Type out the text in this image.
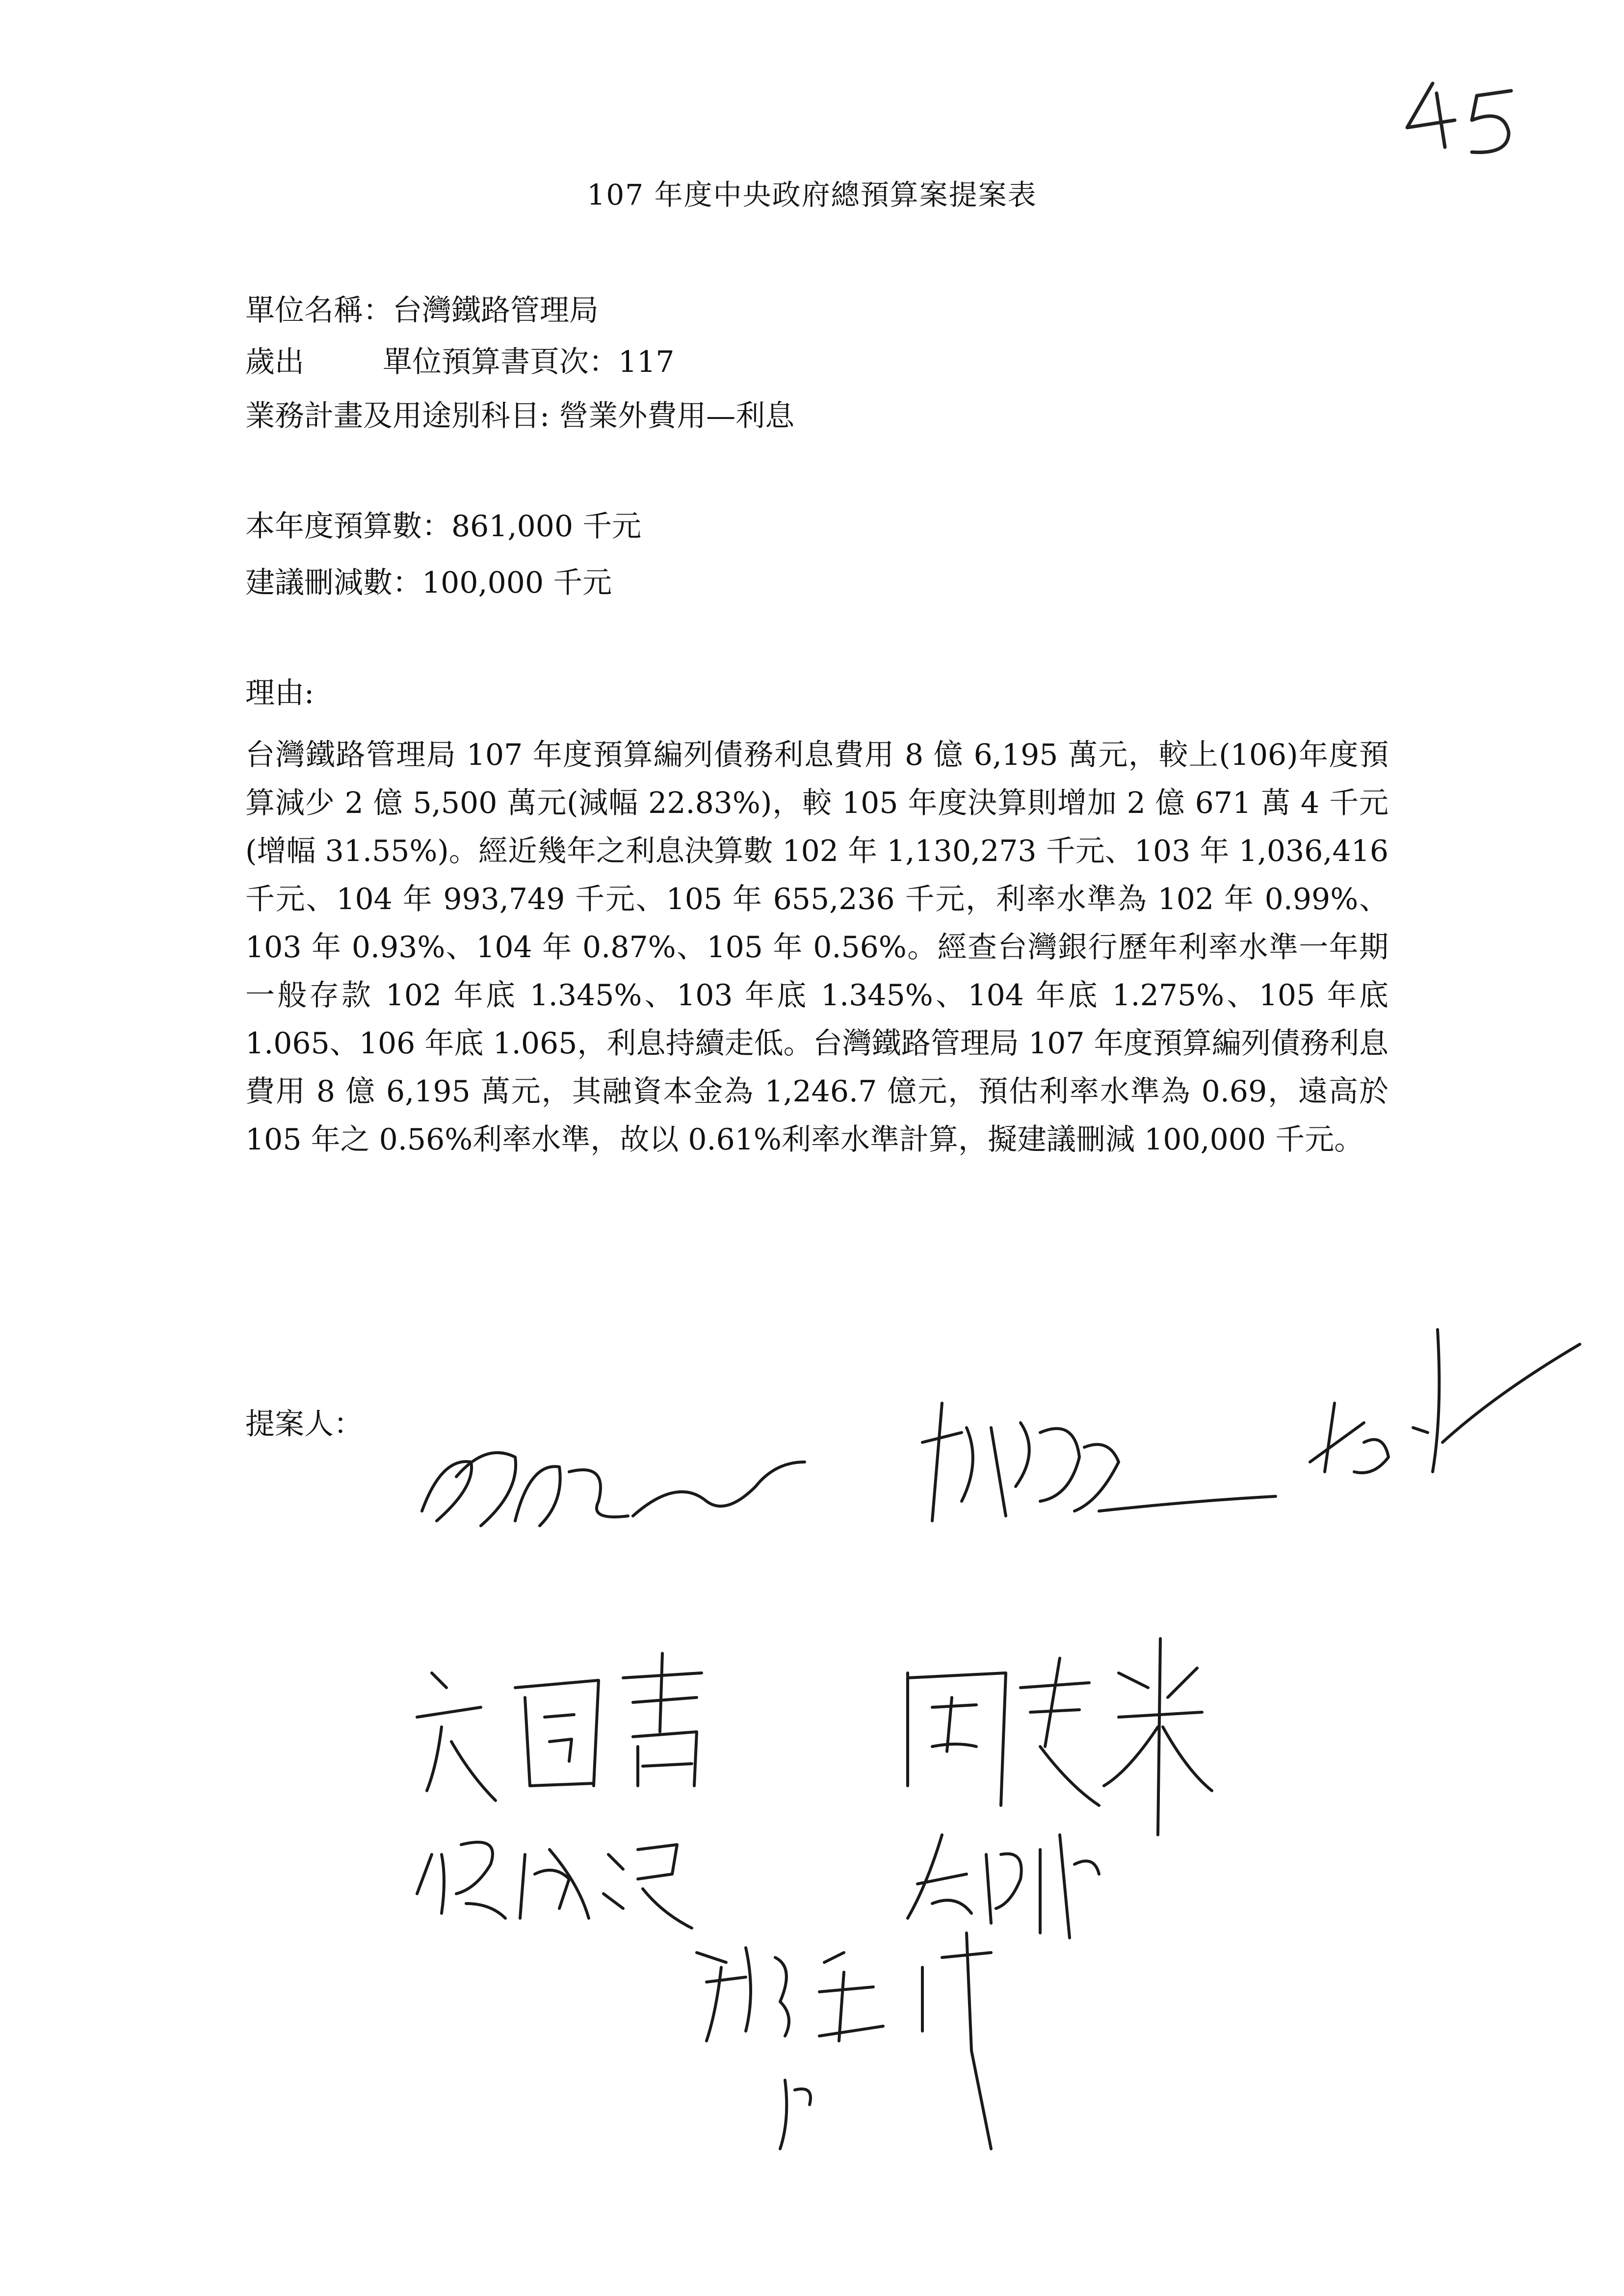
107 年度中央政府總預算案提案表
單位名稱：台灣鐵路管理局
歲出	單位預算書頁次：117
業務計畫及用途別科目: 營業外費用—利息
本年度預算數：861,000 千元
建議刪減數：100,000 千元
理由:
台灣鐵路管理局 107 年度預算編列債務利息費用 8 億 6,195 萬元，較上(106)年度預算減少 2 億 5,500 萬元(減幅 22.83%)，較 105 年度決算則增加 2 億 671 萬 4 千元(增幅 31.55%)。經近幾年之利息決算數 102 年 1,130,273 千元、103 年 1,036,416 千元、104 年 993,749 千元、105 年 655,236 千元，利率水準為 102 年 0.99%、103 年 0.93%、104 年 0.87%、105 年 0.56%。經查台灣銀行歷年利率水準一年期一般存款 102 年底 1.345%、103 年底 1.345%、104 年底 1.275%、105 年底 1.065、106 年底 1.065，利息持續走低。台灣鐵路管理局 107 年度預算編列債務利息費用 8 億 6,195 萬元，其融資本金為 1,246.7 億元，預估利率水準為 0.69，遠高於 105 年之 0.56%利率水準，故以 0.61%利率水準計算，擬建議刪減 100,000 千元。
提案人：
